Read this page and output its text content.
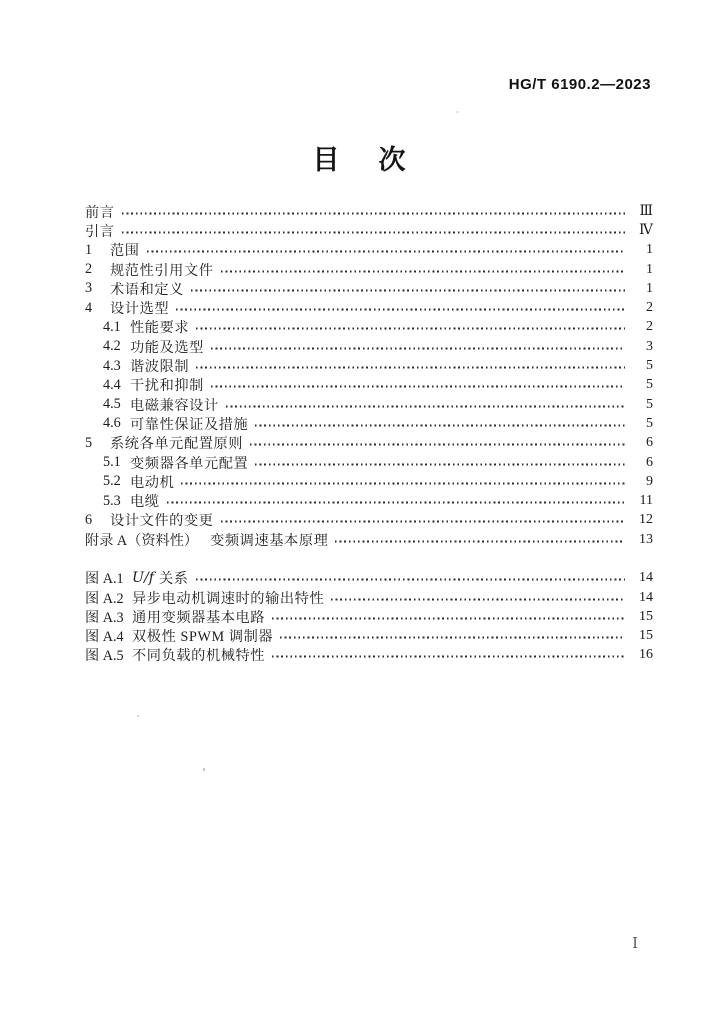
HG/T 6190.2—2023
目　次
前言	Ⅲ
引言	Ⅳ
1	范围	1
2	规范性引用文件	1
3	术语和定义	1
4	设计选型	2
4.1 性能要求	2
4.2 功能及选型	3
4.3 谐波限制	5
4.4 干扰和抑制	5
4.5 电磁兼容设计	5
4.6 可靠性保证及措施	5
5	系统各单元配置原则	6
5.1 变频器各单元配置	6
5.2 电动机	9
5.3 电缆	11
6	设计文件的变更	12
附录 A（资料性） 变频调速基本原理	13
图 A.1 U/f 关系	14
图 A.2 异步电动机调速时的输出特性	14
图 A.3 通用变频器基本电路	15
图 A.4 双极性 SPWM 调制器	15
图 A.5 不同负载的机械特性	16
Ⅰ
